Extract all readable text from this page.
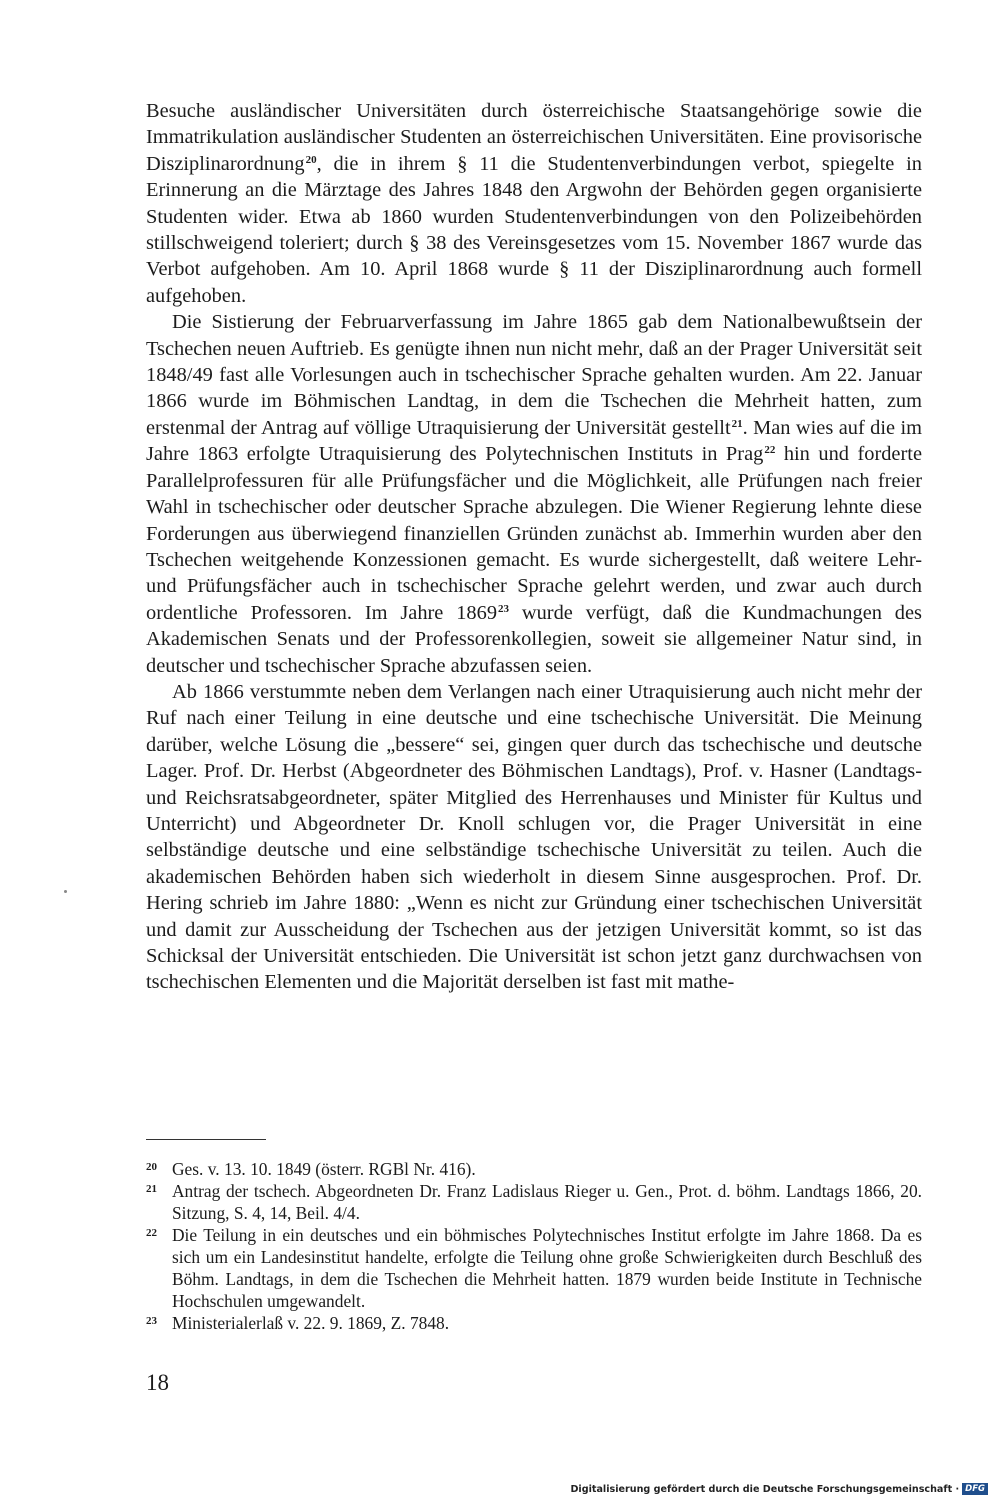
Besuche ausländischer Universitäten durch österreichische Staatsangehörige sowie die Immatrikulation ausländischer Studenten an österreichischen Universitäten. Eine provisorische Disziplinarordnung$^{20}$, die in ihrem § 11 die Studentenverbindungen verbot, spiegelte in Erinnerung an die Märztage des Jahres 1848 den Argwohn der Behörden gegen organisierte Studenten wider. Etwa ab 1860 wurden Studentenverbindungen von den Polizeibehörden stillschweigend toleriert; durch § 38 des Vereinsgesetzes vom 15. November 1867 wurde das Verbot aufgehoben. Am 10. April 1868 wurde § 11 der Disziplinarordnung auch formell aufgehoben.

Die Sistierung der Februarverfassung im Jahre 1865 gab dem Nationalbewußtsein der Tschechen neuen Auftrieb. Es genügte ihnen nun nicht mehr, daß an der Prager Universität seit 1848/49 fast alle Vorlesungen auch in tschechischer Sprache gehalten wurden. Am 22. Januar 1866 wurde im Böhmischen Landtag, in dem die Tschechen die Mehrheit hatten, zum erstenmal der Antrag auf völlige Utraquisierung der Universität gestellt$^{21}$. Man wies auf die im Jahre 1863 erfolgte Utraquisierung des Polytechnischen Instituts in Prag$^{22}$ hin und forderte Parallelprofessuren für alle Prüfungsfächer und die Möglichkeit, alle Prüfungen nach freier Wahl in tschechischer oder deutscher Sprache abzulegen. Die Wiener Regierung lehnte diese Forderungen aus überwiegend finanziellen Gründen zunächst ab. Immerhin wurden aber den Tschechen weitgehende Konzessionen gemacht. Es wurde sichergestellt, daß weitere Lehr- und Prüfungsfächer auch in tschechischer Sprache gelehrt werden, und zwar auch durch ordentliche Professoren. Im Jahre 1869$^{23}$ wurde verfügt, daß die Kundmachungen des Akademischen Senats und der Professorenkollegien, soweit sie allgemeiner Natur sind, in deutscher und tschechischer Sprache abzufassen seien.

Ab 1866 verstummte neben dem Verlangen nach einer Utraquisierung auch nicht mehr der Ruf nach einer Teilung in eine deutsche und eine tschechische Universität. Die Meinung darüber, welche Lösung die „bessere“ sei, gingen quer durch das tschechische und deutsche Lager. Prof. Dr. Herbst (Abgeordneter des Böhmischen Landtags), Prof. v. Hasner (Landtags- und Reichsratsabgeordneter, später Mitglied des Herrenhauses und Minister für Kultus und Unterricht) und Abgeordneter Dr. Knoll schlugen vor, die Prager Universität in eine selbständige deutsche und eine selbständige tschechische Universität zu teilen. Auch die akademischen Behörden haben sich wiederholt in diesem Sinne ausgesprochen. Prof. Dr. Hering schrieb im Jahre 1880: „Wenn es nicht zur Gründung einer tschechischen Universität und damit zur Ausscheidung der Tschechen aus der jetzigen Universität kommt, so ist das Schicksal der Universität entschieden. Die Universität ist schon jetzt ganz durchwachsen von tschechischen Elementen und die Majorität derselben ist fast mit mathe-

20 Ges. v. 13. 10. 1849 (österr. RGBl Nr. 416).
21 Antrag der tschech. Abgeordneten Dr. Franz Ladislaus Rieger u. Gen., Prot. d. böhm. Landtags 1866, 20. Sitzung, S. 4, 14, Beil. 4/4.
22 Die Teilung in ein deutsches und ein böhmisches Polytechnisches Institut erfolgte im Jahre 1868. Da es sich um ein Landesinstitut handelte, erfolgte die Teilung ohne große Schwierigkeiten durch Beschluß des Böhm. Landtags, in dem die Tschechen die Mehrheit hatten. 1879 wurden beide Institute in Technische Hochschulen umgewandelt.
23 Ministerialerlaß v. 22. 9. 1869, Z. 7848.
18
Digitalisierung gefördert durch die Deutsche Forschungsgemeinschaft · DFG
